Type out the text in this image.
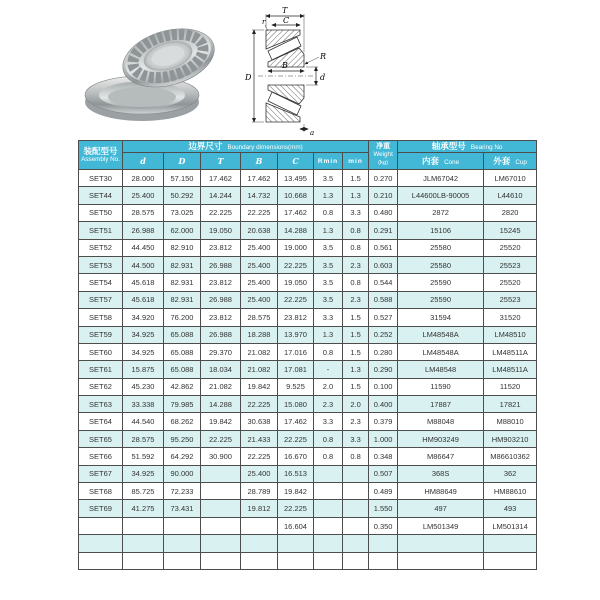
T
C
r
D
B
d
R
a
装配型号
Assembly No.
	边界尺寸 Boundary dimensions(mm)	净重
Weight
(kg)
	轴承型号 Bearing No
	d	D	T	B	C	Rmin	min		内套 Cone	外套 Cup
SET30	28.000	57.150	17.462	17.462	13.495	3.5	1.5	0.270	JLM67042	LM67010
SET44	25.400	50.292	14.244	14.732	10.668	1.3	1.3	0.210	L44600LB-90005	L44610
SET50	28.575	73.025	22.225	22.225	17.462	0.8	3.3	0.480	2872	2820
SET51	26.988	62.000	19.050	20.638	14.288	1.3	0.8	0.291	15106	15245
SET52	44.450	82.910	23.812	25.400	19.000	3.5	0.8	0.561	25580	25520
SET53	44.500	82.931	26.988	25.400	22.225	3.5	2.3	0.603	25580	25523
SET54	45.618	82.931	23.812	25.400	19.050	3.5	0.8	0.544	25590	25520
SET57	45.618	82.931	26.988	25.400	22.225	3.5	2.3	0.588	25590	25523
SET58	34.920	76.200	23.812	28.575	23.812	3.3	1.5	0.527	31594	31520
SET59	34.925	65.088	26.988	18.288	13.970	1.3	1.5	0.252	LM48548A	LM48510
SET60	34.925	65.088	29.370	21.082	17.016	0.8	1.5	0.280	LM48548A	LM48511A
SET61	15.875	65.088	18.034	21.082	17.081	-	1.3	0.290	LM48548	LM48511A
SET62	45.230	42.862	21.082	19.842	9.525	2.0	1.5	0.100	11590	11520
SET63	33.338	79.985	14.288	22.225	15.080	2.3	2.0	0.400	17887	17821
SET64	44.540	68.262	19.842	30.638	17.462	3.3	2.3	0.379	M88048	M88010
SET65	28.575	95.250	22.225	21.433	22.225	0.8	3.3	1.000	HM903249	HM903210
SET66	51.592	64.292	30.900	22.225	16.670	0.8	0.8	0.348	M86647	M86610362
SET67	34.925	90.000		25.400	16.513			0.507	368S	362
SET68	85.725	72.233		28.789	19.842			0.489	HM88649	HM88610
SET69	41.275	73.431		19.812	22.225			1.550	497	493
					16.604			0.350	LM501349	LM501314
